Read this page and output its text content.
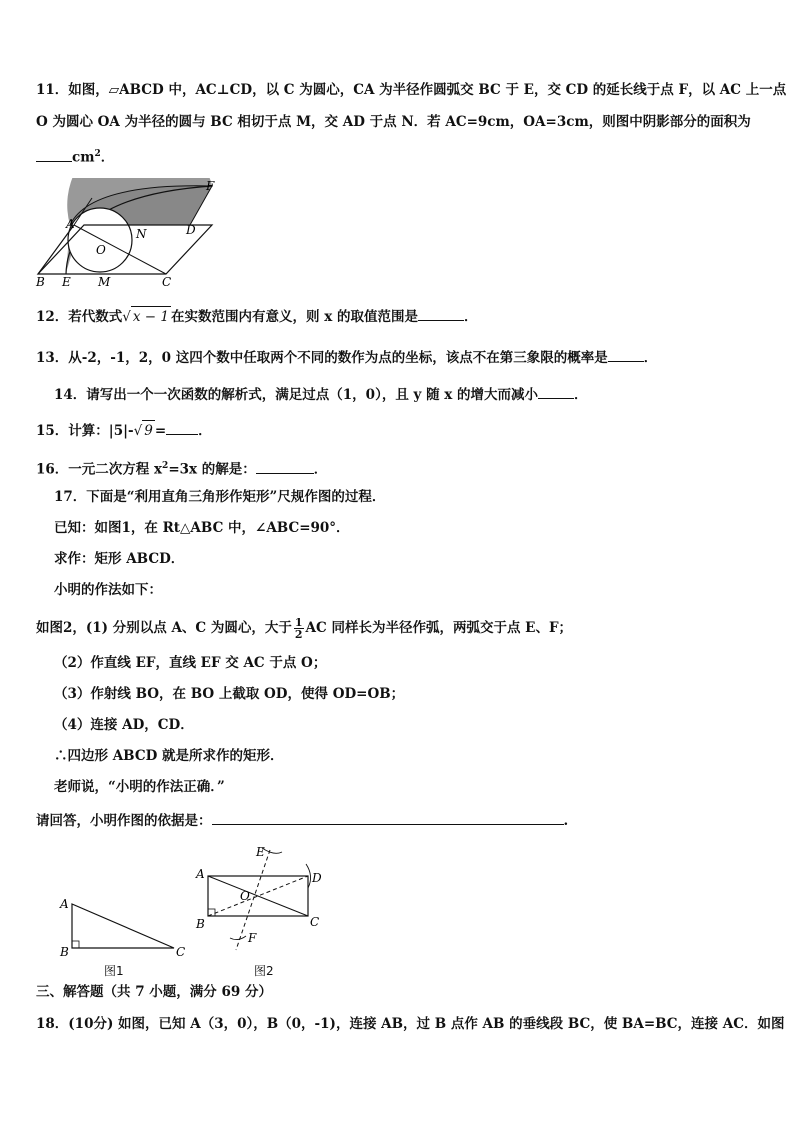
11．如图，▱ABCD 中，AC⊥CD，以 C 为圆心，CA 为半径作圆弧交 BC 于 E，交 CD 的延长线于点 F，以 AC 上一点
O 为圆心 OA 为半径的圆与 BC 相切于点 M，交 AD 于点 N．若 AC=9cm，OA=3cm，则图中阴影部分的面积为
$cm^2$．
A
B	C
D
E
F
M
N
O
12．若代数式√ x − 1 在实数范围内有意义，则 x 的取值范围是	．
13．从-2，-1，2，0 这四个数中任取两个不同的数作为点的坐标，该点不在第三象限的概率是	．
14．请写出一个一次函数的解析式，满足过点（1，0），且 y 随 x 的增大而减小	．
15．计算：|5|-√ 9 = ．
16．一元二次方程 $x^2=3x$ 的解是：	．
17．下面是“利用直角三角形作矩形”尺规作图的过程．
已知：如图1，在 Rt△ABC 中，∠ABC=90°．
求作：矩形 ABCD．
小明的作法如下：
如图2，(1) 分别以点 A、C 为圆心，大于 $\frac{1}{2}$ AC 同样长为半径作弧，两弧交于点 E、F；
（2）作直线 EF，直线 EF 交 AC 于点 O；
（3）作射线 BO，在 BO 上截取 OD，使得 OD=OB；
（4）连接 AD，CD．
∴四边形 ABCD 就是所求作的矩形．
老师说，“小明的作法正确．”
请回答，小明作图的依据是：	.
A
B	C
图1
A
B	C
D
E
F
O
图2
三、解答题（共 7 小题，满分 69 分）
18．(10分) 如图，已知 A（3，0），B（0，-1)，连接 AB，过 B 点作 AB 的垂线段 BC，使 BA=BC，连接 AC．如图
